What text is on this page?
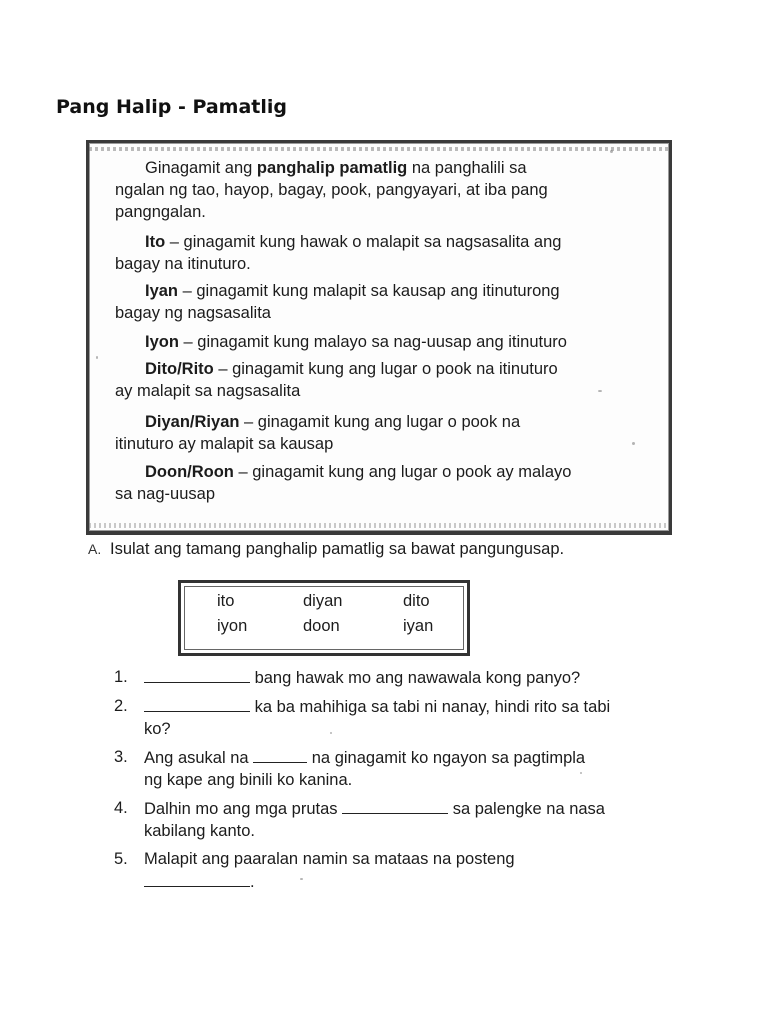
Pang Halip - Pamatlig

Ginagamit ang panghalip pamatlig na panghalili sa
ngalan ng tao, hayop, bagay, pook, pangyayari, at iba pang
pangngalan.

Ito – ginagamit kung hawak o malapit sa nagsasalita ang
bagay na itinuturo.

Iyan – ginagamit kung malapit sa kausap ang itinuturong
bagay ng nagsasalita

Iyon – ginagamit kung malayo sa nag-uusap ang itinuturo

Dito/Rito – ginagamit kung ang lugar o pook na itinuturo
ay malapit sa nagsasalita

Diyan/Riyan – ginagamit kung ang lugar o pook na
itinuturo ay malapit sa kausap

Doon/Roon – ginagamit kung ang lugar o pook ay malayo
sa nag-uusap

A. Isulat ang tamang panghalip pamatlig sa bawat pangungusap.
ito	diyan	dito
iyon	doon	iyan
1.	bang hawak mo ang nawawala kong panyo?
2.	ka ba mahihiga sa tabi ni nanay, hindi rito sa tabi
ko?
3. Ang asukal na	na ginagamit ko ngayon sa pagtimpla
ng kape ang binili ko kanina.
4. Dalhin mo ang mga prutas	sa palengke na nasa
kabilang kanto.
5. Malapit ang paaralan namin sa mataas na posteng
.
